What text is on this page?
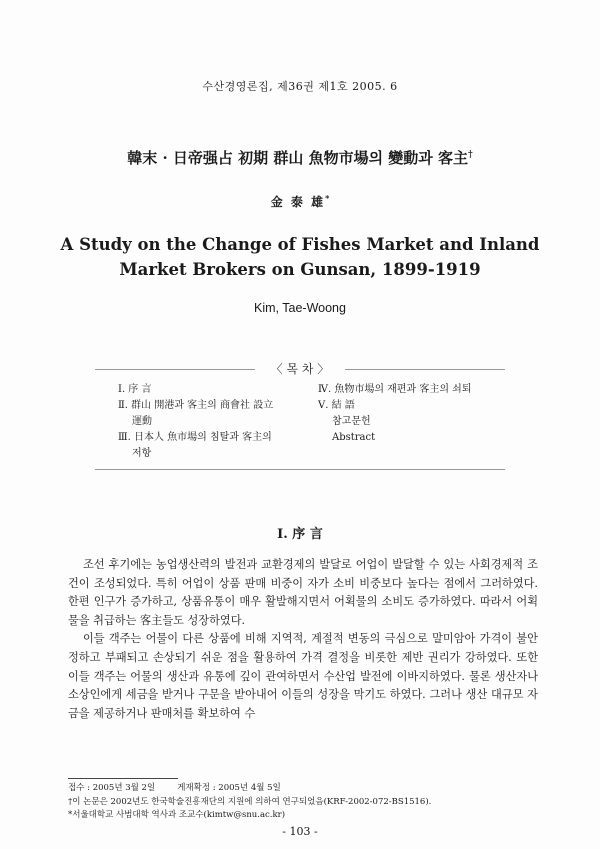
수산경영론집, 제36권 제1호 2005. 6
韓末 · 日帝强占 初期 群山 魚物市場의 變動과 客主†
金 泰 雄*
A Study on the Change of Fishes Market and Inland
Market Brokers on Gunsan, 1899-1919
Kim, Tae-Woong
〈 목 차 〉
Ⅰ. 序 言
Ⅱ. 群山 開港과 客主의 商會社 設立
運動
Ⅲ. 日本人 魚市場의 침탈과 客主의
저항
Ⅳ. 魚物市場의 재편과 客主의 쇠퇴
Ⅴ. 結 語
참고문헌
Abstract
Ⅰ. 序 言

조선 후기에는 농업생산력의 발전과 교환경제의 발달로 어업이 발달할 수 있는 사회경제적 조건이 조성되었다. 특히 어업이 상품 판매 비중이 자가 소비 비중보다 높다는 점에서 그러하였다. 한편 인구가 증가하고, 상품유통이 매우 활발해지면서 어획물의 소비도 증가하였다. 따라서 어획물을 취급하는 客主들도 성장하였다.

이들 객주는 어물이 다른 상품에 비해 지역적, 계절적 변동의 극심으로 말미암아 가격이 불안정하고 부패되고 손상되기 쉬운 점을 활용하여 가격 결정을 비롯한 제반 권리가 강하였다. 또한 이들 객주는 어물의 생산과 유통에 깊이 관여하면서 수산업 발전에 이바지하였다. 물론 생산자나 소상인에게 세금을 받거나 구문을 받아내어 이들의 성장을 막기도 하였다. 그러나 생산 대규모 자금을 제공하거나 판매처를 확보하여 수

접수 : 2005년 3월 2일	게재확정 : 2005년 4월 5일
†이 논문은 2002년도 한국학술진흥재단의 지원에 의하여 연구되었음(KRF-2002-072-BS1516).
*서울대학교 사범대학 역사과 조교수(kimtw@snu.ac.kr)
- 103 -
